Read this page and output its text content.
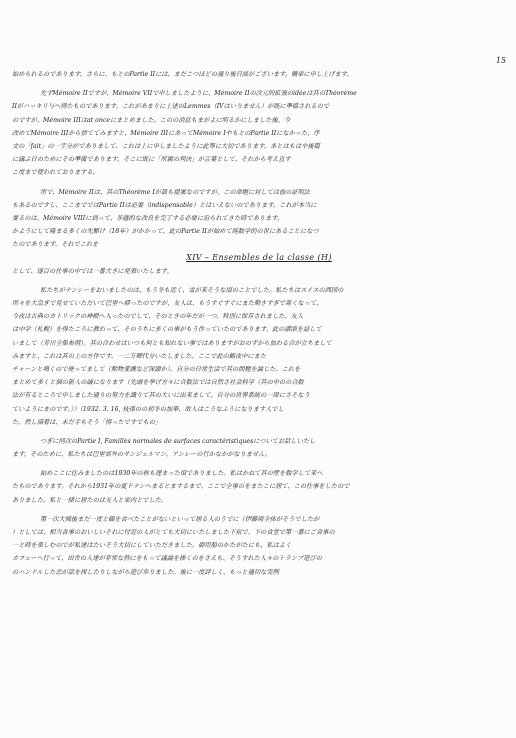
15
始められるのであります。さらに、もとのPartie IIには、まだこつほどの通り後日談がございます。簡単に申し上げます。
先ずMémoire IIですが、Mémoire VIIで申しましたように、Mémoire IIの次元的拡張のidéeは其のThéorème
IIがハッキリ与へ得たものであります。これがあまりに上述のLemmes（IVはいりません）が既に準備されるので
のですが、Mémoire IIIはat onceにまとめました。このの消息もまがよに明るかにしました後、今
改めてMémoire IIIから捨ててみますと、Mémoire IIIにあってMémoire IやもとのPartie IIになかった、序
文の「fait」の一字分がでありまして、これは上に申しましたように此等に大切であります。あとはもはや後篇
に譲ぶ日のためにその準備であります。そこに既に「所属の判決」が言葉として、それから考え直す
こ度まで使われておりまする。
所で、Mémoire IIは、其のThéorème Iが最も提案なのですが、この命題に対しては他の証明法
もあるのですし、ここまでではPartie IIは必要（indispensable）とはいえないのであります。これが本当に
要るのは、Mémoire VIIIに到って、非越的な改良を完了する必要に迫られてきた時であります。
かようにして隆まる多くの先駆け（18年）がかかって、此のPartie IIが始めて純数学的の世にあることになつ
たのであります。それでこれを
XIV – Ensembles de la classe (H)
として、遂百の仕事の中では一番大きに発表いたします。
私たちがナンシーをおいましたのは、もう冬も近く、雪が来そうな頃のことでした。私たちはスイスの西国の
所々を大急ぎで見せていただいて巴里へ帰ったのですが、友人は、もうすぐすぐにまた動きすぎで寒くなって、
今夜は古典のカトリックの神殿へ入ったのでして、そのときの年だが一つ、特別に保存されました。友人
は中学（札幌）を得たころに教わって、そのうちに多くの事がもう作っていたのであります。此の講演を誌して
いまして（芳川全集参照）。其の合わせはいつも何とも知れない事ではありますがおのずから加わる合が立ちまして
みますと、これは其の上の方作です。一二万卿代分いたしました。ここで此の鶴夜中にまた
チャーンと鳴くので廃ってまして（動物愛護など深謝か）。自分の日常生活で其の問題を論じた。これを
まとめて多くと個の新人の譲になります（先頭を挙げ方々に合数法では自然さ社会科学（其の中のの合数
法が有るところで申しました通りの努力を識りて其の大いに出来まして、自分の世界系統の一周にさそなう
ていようにまのです。））（1932. 3. 16, 枝孫のの初冬の加筆、故人はこうなふうになります人でし
た。然し満着は、未だ手もそう「得ったですでもの」
つぎに同次のPartie I, Familles normales de surfaces caractéristiquesについてお話しいたし
ます。そのために、私たちは巴里郊外のサンジェルマン、アンレーの行かなかがなりません。
始めここに住みましたのは1930年の秋も遅まった頃でありました。私はかねて其の壁を数学して来へ
たものであります。それから1931年の夏ドナンへまるとまするまで、ここで全事のをまたこに居て、この仕事をしたので
ありました。私と一緒に居たのは友人と家内とでした。
第一次大戦後まだ一度と鶴を食べたことがないといって居る人のうでに（伊藤両全体がそうでしたが
）としては、相当食事のおいしいそれに付近の人がとても大切にいたしました下宿で、下の食堂で第一番にご食事の
一と時を楽しむのでが私達はたいそう大切にしていただきました。御用船のかたがたにも、私はよく
カフェーへ行って、田舎の人達が非常な熱にをもって議論を捧くのをさえも、そうすれた人々のトランプ遊びの
のハンドルした恋が話を探したりしながら遊び歩りました。後に一度詳しく、もっと適切な実例
